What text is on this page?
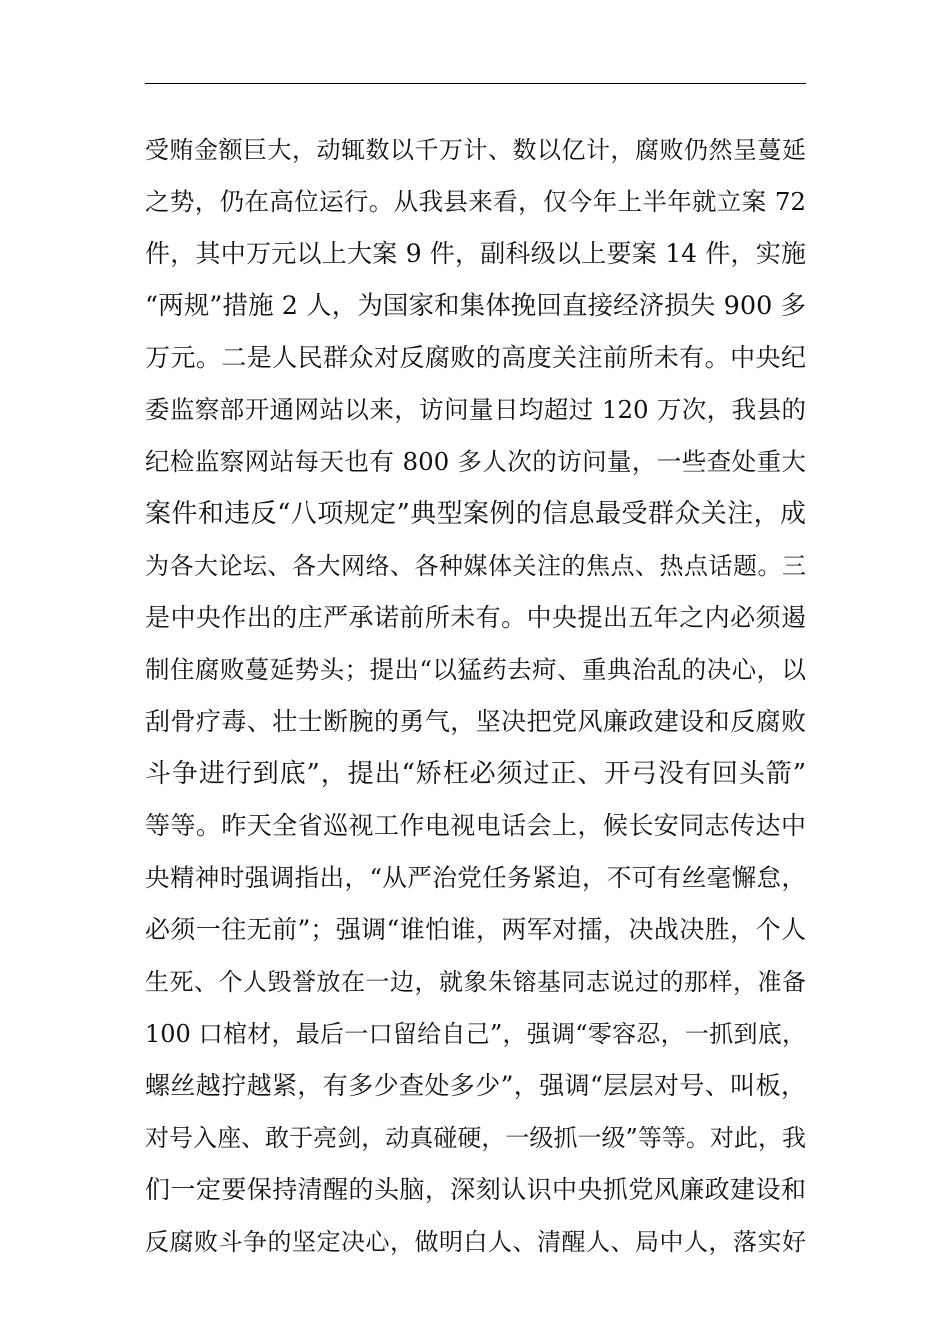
受贿金额巨大，动辄数以千万计、数以亿计，腐败仍然呈蔓延
之势，仍在高位运行。从我县来看，仅今年上半年就立案 72
件，其中万元以上大案 9 件，副科级以上要案 14 件，实施
“两规”措施 2 人，为国家和集体挽回直接经济损失 900 多
万元。二是人民群众对反腐败的高度关注前所未有。中央纪
委监察部开通网站以来，访问量日均超过 120 万次，我县的
纪检监察网站每天也有 800 多人次的访问量，一些查处重大
案件和违反“八项规定”典型案例的信息最受群众关注，成
为各大论坛、各大网络、各种媒体关注的焦点、热点话题。三
是中央作出的庄严承诺前所未有。中央提出五年之内必须遏
制住腐败蔓延势头；提出“以猛药去疴、重典治乱的决心，以
刮骨疗毒、壮士断腕的勇气，坚决把党风廉政建设和反腐败
斗争进行到底”，提出“矫枉必须过正、开弓没有回头箭”
等等。昨天全省巡视工作电视电话会上，候长安同志传达中
央精神时强调指出，“从严治党任务紧迫，不可有丝毫懈怠，
必须一往无前”；强调“谁怕谁，两军对擂，决战决胜，个人
生死、个人毁誉放在一边，就象朱镕基同志说过的那样，准备
100 口棺材，最后一口留给自己”，强调“零容忍，一抓到底，
螺丝越拧越紧，有多少查处多少”，强调“层层对号、叫板，
对号入座、敢于亮剑，动真碰硬，一级抓一级”等等。对此，我
们一定要保持清醒的头脑，深刻认识中央抓党风廉政建设和
反腐败斗争的坚定决心，做明白人、清醒人、局中人，落实好
